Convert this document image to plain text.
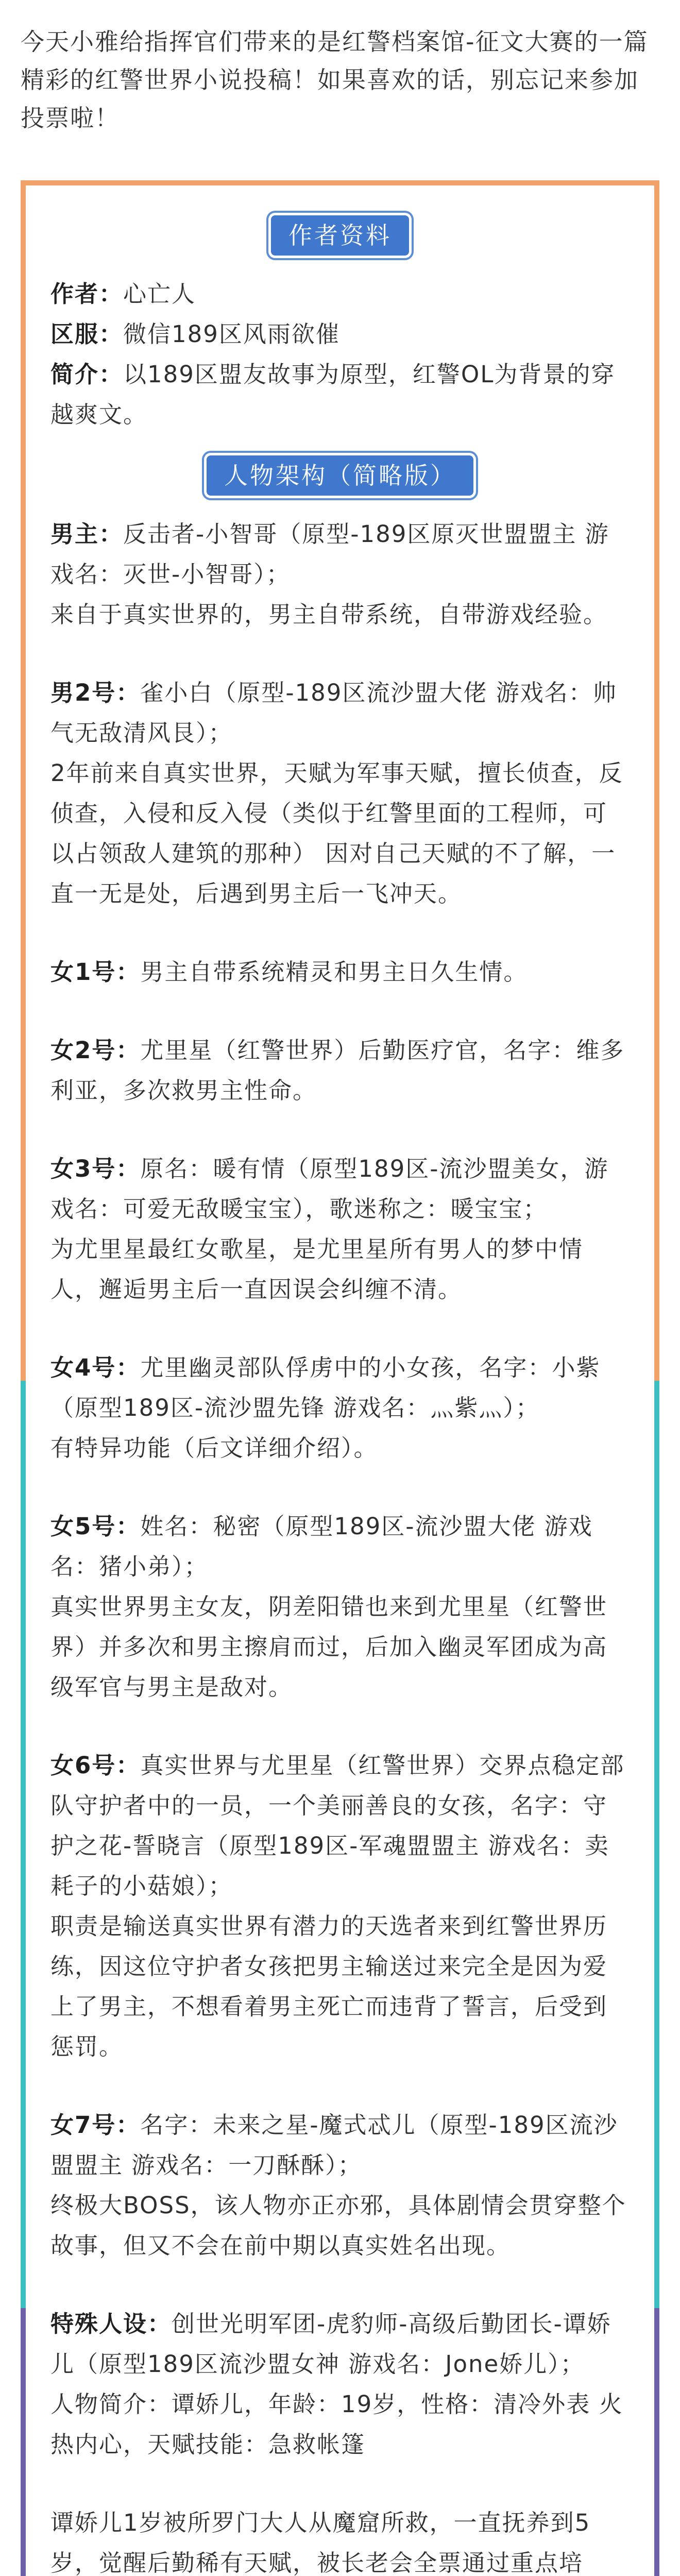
今天小雅给指挥官们带来的是红警档案馆-征文大赛的一篇精彩的红警世界小说投稿！如果喜欢的话，别忘记来参加投票啦！
作者资料

作者：心亡人

区服：微信189区风雨欲催

简介：以189区盟友故事为原型，红警OL为背景的穿越爽文。

人物架构（简略版）

男主：反击者-小智哥（原型-189区原灭世盟盟主 游戏名：灭世-小智哥）；

来自于真实世界的，男主自带系统，自带游戏经验。

男2号：雀小白（原型-189区流沙盟大佬 游戏名：帅气无敌清风艮）；

2年前来自真实世界，天赋为军事天赋，擅长侦查，反侦查，入侵和反入侵（类似于红警里面的工程师，可以占领敌人建筑的那种） 因对自己天赋的不了解，一直一无是处，后遇到男主后一飞冲天。

女1号：男主自带系统精灵和男主日久生情。

女2号：尤里星（红警世界）后勤医疗官，名字：维多利亚，多次救男主性命。

女3号：原名：暖有情（原型189区-流沙盟美女，游戏名：可爱无敌暖宝宝），歌迷称之：暖宝宝；

为尤里星最红女歌星，是尤里星所有男人的梦中情人，邂逅男主后一直因误会纠缠不清。

女4号：尤里幽灵部队俘虏中的小女孩，名字：小紫（原型189区-流沙盟先锋 游戏名：灬紫灬）；

有特异功能（后文详细介绍）。

女5号：姓名：秘密（原型189区-流沙盟大佬 游戏名：猪小弟）；

真实世界男主女友，阴差阳错也来到尤里星（红警世界）并多次和男主擦肩而过，后加入幽灵军团成为高级军官与男主是敌对。

女6号：真实世界与尤里星（红警世界）交界点稳定部队守护者中的一员，一个美丽善良的女孩，名字：守护之花-誓晓言（原型189区-军魂盟盟主 游戏名：卖耗子的小菇娘）；

职责是输送真实世界有潜力的天选者来到红警世界历练，因这位守护者女孩把男主输送过来完全是因为爱上了男主，不想看着男主死亡而违背了誓言，后受到惩罚。

女7号：名字：未来之星-魔式忒儿（原型-189区流沙盟盟主 游戏名：一刀酥酥）；

终极大BOSS，该人物亦正亦邪，具体剧情会贯穿整个故事，但又不会在前中期以真实姓名出现。

特殊人设：创世光明军团-虎豹师-高级后勤团长-谭娇儿（原型189区流沙盟女神 游戏名：Jone娇儿）；

人物简介：谭娇儿，年龄：19岁，性格：清冷外表 火热内心，天赋技能：急救帐篷

谭娇儿1岁被所罗门大人从魔窟所救，一直抚养到5岁，觉醒后勤稀有天赋，被长老会全票通过重点培
